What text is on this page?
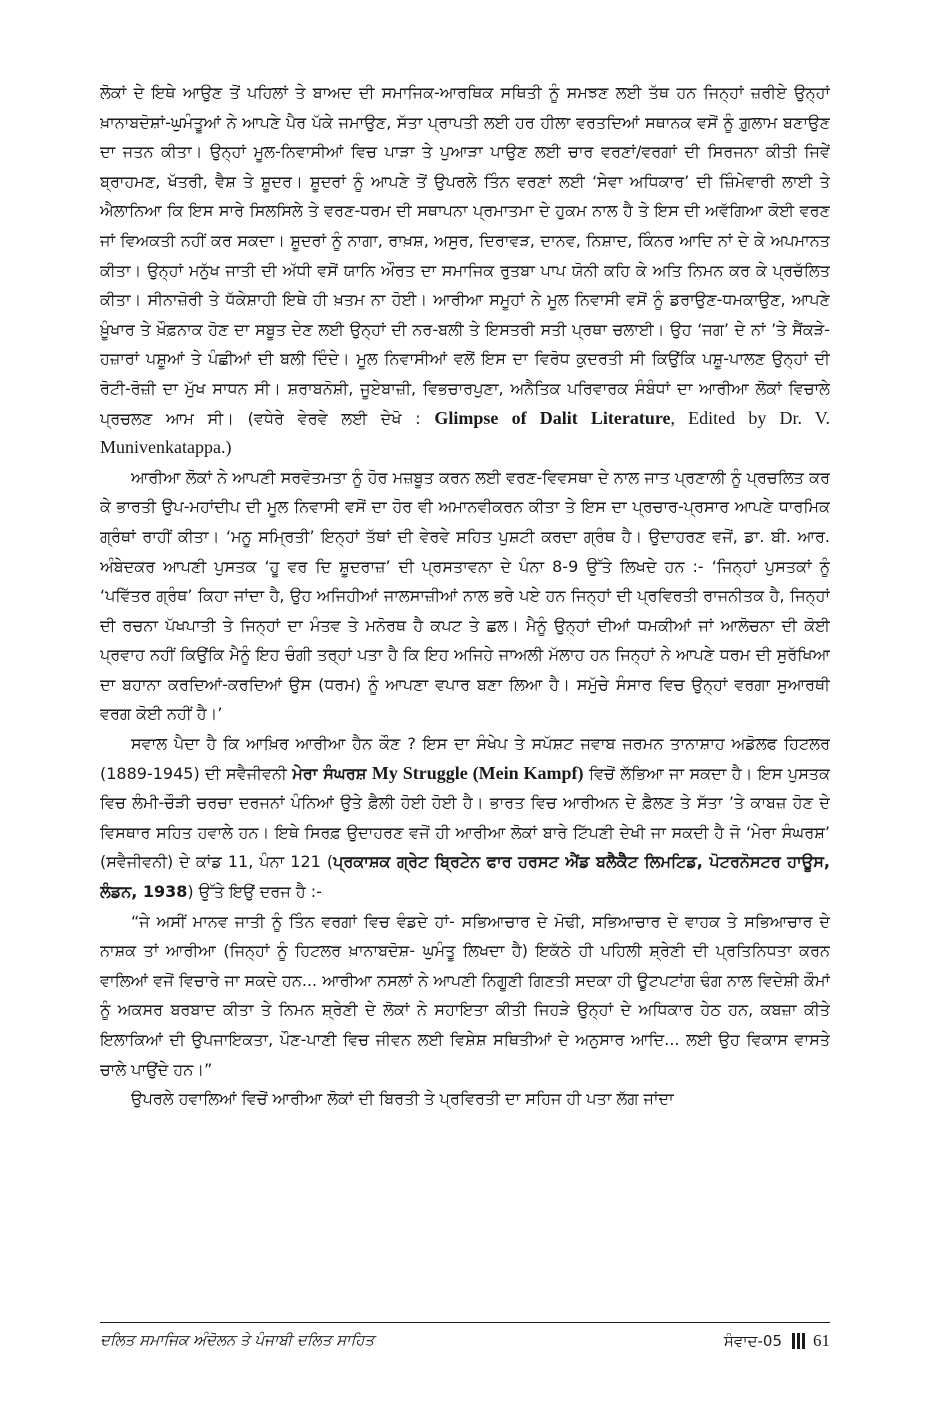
ਲੋਕਾਂ ਦੇ ਇਥੇ ਆਉਣ ਤੋਂ ਪਹਿਲਾਂ ਤੇ ਬਾਅਦ ਦੀ ਸਮਾਜਿਕ-ਆਰਥਿਕ ਸਥਿਤੀ ਨੂੰ ਸਮਝਣ ਲਈ ਤੱਥ ਹਨ ਜਿਨ੍ਹਾਂ ਜ਼ਰੀਏ ਉਨ੍ਹਾਂ ਖ਼ਾਨਾਬਦੋਸ਼ਾਂ-ਘੁਮੰਤੂਆਂ ਨੇ ਆਪਣੇ ਪੈਰ ਪੱਕੇ ਜਮਾਉਣ, ਸੱਤਾ ਪ੍ਰਾਪਤੀ ਲਈ ਹਰ ਹੀਲਾ ਵਰਤਦਿਆਂ ਸਥਾਨਕ ਵਸੋਂ ਨੂੰ ਗ਼ੁਲਾਮ ਬਣਾਉਣ ਦਾ ਜਤਨ ਕੀਤਾ। ਉਨ੍ਹਾਂ ਮੂਲ-ਨਿਵਾਸੀਆਂ ਵਿਚ ਪਾੜਾ ਤੇ ਪੁਆੜਾ ਪਾਉਣ ਲਈ ਚਾਰ ਵਰਣਾਂ/ਵਰਗਾਂ ਦੀ ਸਿਰਜਨਾ ਕੀਤੀ ਜਿਵੇਂ ਬ੍ਰਾਹਮਣ, ਖੱਤਰੀ, ਵੈਸ਼ ਤੇ ਸ਼ੂਦਰ। ਸ਼ੂਦਰਾਂ ਨੂੰ ਆਪਣੇ ਤੋਂ ਉਪਰਲੇ ਤਿੰਨ ਵਰਣਾਂ ਲਈ ‘ਸੇਵਾ ਅਧਿਕਾਰ’ ਦੀ ਜ਼ਿੰਮੇਵਾਰੀ ਲਾਈ ਤੇ ਐਲਾਨਿਆ ਕਿ ਇਸ ਸਾਰੇ ਸਿਲਸਿਲੇ ਤੇ ਵਰਣ-ਧਰਮ ਦੀ ਸਥਾਪਨਾ ਪ੍ਰਮਾਤਮਾ ਦੇ ਹੁਕਮ ਨਾਲ ਹੈ ਤੇ ਇਸ ਦੀ ਅਵੱਗਿਆ ਕੋਈ ਵਰਣ ਜਾਂ ਵਿਅਕਤੀ ਨਹੀਂ ਕਰ ਸਕਦਾ। ਸ਼ੂਦਰਾਂ ਨੂੰ ਨਾਗਾ, ਰਾਖ਼ਸ਼, ਅਸੁਰ, ਦਿਰਾਵੜ, ਦਾਨਵ, ਨਿਸ਼ਾਦ, ਕਿੰਨਰ ਆਦਿ ਨਾਂ ਦੇ ਕੇ ਅਪਮਾਨਤ ਕੀਤਾ। ਉਨ੍ਹਾਂ ਮਨੁੱਖ ਜਾਤੀ ਦੀ ਅੱਧੀ ਵਸੋਂ ਯਾਨਿ ਔਰਤ ਦਾ ਸਮਾਜਿਕ ਰੁਤਬਾ ਪਾਪ ਯੋਨੀ ਕਹਿ ਕੇ ਅਤਿ ਨਿਮਨ ਕਰ ਕੇ ਪ੍ਰਚੱਲਿਤ ਕੀਤਾ। ਸੀਨਾਜ਼ੋਰੀ ਤੇ ਧੱਕੇਸ਼ਾਹੀ ਇਥੇ ਹੀ ਖ਼ਤਮ ਨਾ ਹੋਈ। ਆਰੀਆ ਸਮੂਹਾਂ ਨੇ ਮੂਲ ਨਿਵਾਸੀ ਵਸੋਂ ਨੂੰ ਡਰਾਉਣ-ਧਮਕਾਉਣ, ਆਪਣੇ ਖ਼ੂੰਖਾਰ ਤੇ ਖ਼ੌਫ਼ਨਾਕ ਹੋਣ ਦਾ ਸਬੂਤ ਦੇਣ ਲਈ ਉਨ੍ਹਾਂ ਦੀ ਨਰ-ਬਲੀ ਤੇ ਇਸਤਰੀ ਸਤੀ ਪ੍ਰਥਾ ਚਲਾਈ। ਉਹ ‘ਜਗ’ ਦੇ ਨਾਂ ’ਤੇ ਸੈਂਕੜੇ-ਹਜ਼ਾਰਾਂ ਪਸ਼ੂਆਂ ਤੇ ਪੰਛੀਆਂ ਦੀ ਬਲੀ ਦਿੰਦੇ। ਮੂਲ ਨਿਵਾਸੀਆਂ ਵਲੋਂ ਇਸ ਦਾ ਵਿਰੋਧ ਕੁਦਰਤੀ ਸੀ ਕਿਉਂਕਿ ਪਸ਼ੂ-ਪਾਲਣ ਉਨ੍ਹਾਂ ਦੀ ਰੋਟੀ-ਰੋਜ਼ੀ ਦਾ ਮੁੱਖ ਸਾਧਨ ਸੀ। ਸ਼ਰਾਬਨੋਸ਼ੀ, ਜੂਏਬਾਜ਼ੀ, ਵਿਭਚਾਰਪੁਣਾ, ਅਨੈਤਿਕ ਪਰਿਵਾਰਕ ਸੰਬੰਧਾਂ ਦਾ ਆਰੀਆ ਲੋਕਾਂ ਵਿਚਾਲੇ ਪ੍ਰਚਲਣ ਆਮ ਸੀ। (ਵਧੇਰੇ ਵੇਰਵੇ ਲਈ ਦੇਖੋ : Glimpse of Dalit Literature, Edited by Dr. V. Munivenkatappa.)

ਆਰੀਆ ਲੋਕਾਂ ਨੇ ਆਪਣੀ ਸਰਵੋਤਮਤਾ ਨੂੰ ਹੋਰ ਮਜ਼ਬੂਤ ਕਰਨ ਲਈ ਵਰਣ-ਵਿਵਸਥਾ ਦੇ ਨਾਲ ਜਾਤ ਪ੍ਰਣਾਲੀ ਨੂੰ ਪ੍ਰਚਲਿਤ ਕਰ ਕੇ ਭਾਰਤੀ ਉਪ-ਮਹਾਂਦੀਪ ਦੀ ਮੂਲ ਨਿਵਾਸੀ ਵਸੋਂ ਦਾ ਹੋਰ ਵੀ ਅਮਾਨਵੀਕਰਨ ਕੀਤਾ ਤੇ ਇਸ ਦਾ ਪ੍ਰਚਾਰ-ਪ੍ਰਸਾਰ ਆਪਣੇ ਧਾਰਮਿਕ ਗ੍ਰੰਥਾਂ ਰਾਹੀਂ ਕੀਤਾ। ‘ਮਨੂ ਸਮ੍ਰਿਤੀ’ ਇਨ੍ਹਾਂ ਤੱਥਾਂ ਦੀ ਵੇਰਵੇ ਸਹਿਤ ਪੁਸ਼ਟੀ ਕਰਦਾ ਗ੍ਰੰਥ ਹੈ। ਉਦਾਹਰਣ ਵਜੋਂ, ਡਾ. ਬੀ. ਆਰ. ਅੰਬੇਦਕਰ ਆਪਣੀ ਪੁਸਤਕ ‘ਹੂ ਵਰ ਦਿ ਸ਼ੂਦਰਾਜ਼’ ਦੀ ਪ੍ਰਸਤਾਵਨਾ ਦੇ ਪੰਨਾ 8-9 ਉੱਤੇ ਲਿਖਦੇ ਹਨ :- ‘ਜਿਨ੍ਹਾਂ ਪੁਸਤਕਾਂ ਨੂੰ ‘ਪਵਿੱਤਰ ਗ੍ਰੰਥ’ ਕਿਹਾ ਜਾਂਦਾ ਹੈ, ਉਹ ਅਜਿਹੀਆਂ ਜਾਲਸਾਜ਼ੀਆਂ ਨਾਲ ਭਰੇ ਪਏ ਹਨ ਜਿਨ੍ਹਾਂ ਦੀ ਪ੍ਰਵਿਰਤੀ ਰਾਜਨੀਤਕ ਹੈ, ਜਿਨ੍ਹਾਂ ਦੀ ਰਚਨਾ ਪੱਖਪਾਤੀ ਤੇ ਜਿਨ੍ਹਾਂ ਦਾ ਮੰਤਵ ਤੇ ਮਨੋਰਥ ਹੈ ਕਪਟ ਤੇ ਛਲ। ਮੈਨੂੰ ਉਨ੍ਹਾਂ ਦੀਆਂ ਧਮਕੀਆਂ ਜਾਂ ਆਲੋਚਨਾ ਦੀ ਕੋਈ ਪ੍ਰਵਾਹ ਨਹੀਂ ਕਿਉਂਕਿ ਮੈਨੂੰ ਇਹ ਚੰਗੀ ਤਰ੍ਹਾਂ ਪਤਾ ਹੈ ਕਿ ਇਹ ਅਜਿਹੇ ਜਾਅਲੀ ਮੱਲਾਹ ਹਨ ਜਿਨ੍ਹਾਂ ਨੇ ਆਪਣੇ ਧਰਮ ਦੀ ਸੁਰੱਖਿਆ ਦਾ ਬਹਾਨਾ ਕਰਦਿਆਂ-ਕਰਦਿਆਂ ਉਸ (ਧਰਮ) ਨੂੰ ਆਪਣਾ ਵਪਾਰ ਬਣਾ ਲਿਆ ਹੈ। ਸਮੁੱਚੇ ਸੰਸਾਰ ਵਿਚ ਉਨ੍ਹਾਂ ਵਰਗਾ ਸੁਆਰਥੀ ਵਰਗ ਕੋਈ ਨਹੀਂ ਹੈ।’

ਸਵਾਲ ਪੈਦਾ ਹੈ ਕਿ ਆਖ਼ਿਰ ਆਰੀਆ ਹੈਨ ਕੌਣ ? ਇਸ ਦਾ ਸੰਖੇਪ ਤੇ ਸਪੱਸ਼ਟ ਜਵਾਬ ਜਰਮਨ ਤਾਨਾਸ਼ਾਹ ਅਡੋਲਫ ਹਿਟਲਰ (1889-1945) ਦੀ ਸਵੈਜੀਵਨੀ ਮੇਰਾ ਸੰਘਰਸ਼ My Struggle (Mein Kampf) ਵਿਚੋਂ ਲੱਭਿਆ ਜਾ ਸਕਦਾ ਹੈ। ਇਸ ਪੁਸਤਕ ਵਿਚ ਲੰਮੀ-ਚੌੜੀ ਚਰਚਾ ਦਰਜਨਾਂ ਪੰਨਿਆਂ ਉਤੇ ਫ਼ੈਲੀ ਹੋਈ ਹੋਈ ਹੈ। ਭਾਰਤ ਵਿਚ ਆਰੀਅਨ ਦੇ ਫ਼ੈਲਣ ਤੇ ਸੱਤਾ ’ਤੇ ਕਾਬਜ਼ ਹੋਣ ਦੇ ਵਿਸਥਾਰ ਸਹਿਤ ਹਵਾਲੇ ਹਨ। ਇਥੇ ਸਿਰਫ਼ ਉਦਾਹਰਣ ਵਜੋਂ ਹੀ ਆਰੀਆ ਲੋਕਾਂ ਬਾਰੇ ਟਿੱਪਣੀ ਦੇਖੀ ਜਾ ਸਕਦੀ ਹੈ ਜੋ ‘ਮੇਰਾ ਸੰਘਰਸ਼’ (ਸਵੈਜੀਵਨੀ) ਦੇ ਕਾਂਡ 11, ਪੰਨਾ 121 (ਪ੍ਰਕਾਸ਼ਕ ਗ੍ਰੇਟ ਬ੍ਰਿਟੇਨ ਫਾਰ ਹਰਸਟ ਐਂਡ ਬਲੈਕੈੱਟ ਲਿਮਟਿਡ, ਪੋਟਰਨੋਸਟਰ ਹਾਊਸ, ਲੰਡਨ, 1938) ਉੱਤੇ ਇਉਂ ਦਰਜ ਹੈ :-

“ਜੇ ਅਸੀਂ ਮਾਨਵ ਜਾਤੀ ਨੂੰ ਤਿੰਨ ਵਰਗਾਂ ਵਿਚ ਵੰਡਦੇ ਹਾਂ- ਸਭਿਆਚਾਰ ਦੇ ਮੋਢੀ, ਸਭਿਆਚਾਰ ਦੇ ਵਾਹਕ ਤੇ ਸਭਿਆਚਾਰ ਦੇ ਨਾਸ਼ਕ ਤਾਂ ਆਰੀਆ (ਜਿਨ੍ਹਾਂ ਨੂੰ ਹਿਟਲਰ ਖ਼ਾਨਾਬਦੋਸ਼- ਘੁਮੰਤੂ ਲਿਖਦਾ ਹੈ) ਇਕੱਠੇ ਹੀ ਪਹਿਲੀ ਸ਼੍ਰੇਣੀ ਦੀ ਪ੍ਰਤਿਨਿਧਤਾ ਕਰਨ ਵਾਲਿਆਂ ਵਜੋਂ ਵਿਚਾਰੇ ਜਾ ਸਕਦੇ ਹਨ... ਆਰੀਆ ਨਸਲਾਂ ਨੇ ਆਪਣੀ ਨਿਗੂਣੀ ਗਿਣਤੀ ਸਦਕਾ ਹੀ ਊਟਪਟਾਂਗ ਢੰਗ ਨਾਲ ਵਿਦੇਸ਼ੀ ਕੌਮਾਂ ਨੂੰ ਅਕਸਰ ਬਰਬਾਦ ਕੀਤਾ ਤੇ ਨਿਮਨ ਸ਼੍ਰੇਣੀ ਦੇ ਲੋਕਾਂ ਨੇ ਸਹਾਇਤਾ ਕੀਤੀ ਜਿਹੜੇ ਉਨ੍ਹਾਂ ਦੇ ਅਧਿਕਾਰ ਹੇਠ ਹਨ, ਕਬਜ਼ਾ ਕੀਤੇ ਇਲਾਕਿਆਂ ਦੀ ਉਪਜਾਇਕਤਾ, ਪੌਣ-ਪਾਣੀ ਵਿਚ ਜੀਵਨ ਲਈ ਵਿਸ਼ੇਸ਼ ਸਥਿਤੀਆਂ ਦੇ ਅਨੁਸਾਰ ਆਦਿ... ਲਈ ਉਹ ਵਿਕਾਸ ਵਾਸਤੇ ਚਾਲੇ ਪਾਉਂਦੇ ਹਨ।”

ਉਪਰਲੇ ਹਵਾਲਿਆਂ ਵਿਚੋਂ ਆਰੀਆ ਲੋਕਾਂ ਦੀ ਬਿਰਤੀ ਤੇ ਪ੍ਰਵਿਰਤੀ ਦਾ ਸਹਿਜ ਹੀ ਪਤਾ ਲੱਗ ਜਾਂਦਾ

ਦਲਿਤ ਸਮਾਜਿਕ ਅੰਦੋਲਨ ਤੇ ਪੰਜਾਬੀ ਦਲਿਤ ਸਾਹਿਤ	ਸੰਵਾਦ-05 61
